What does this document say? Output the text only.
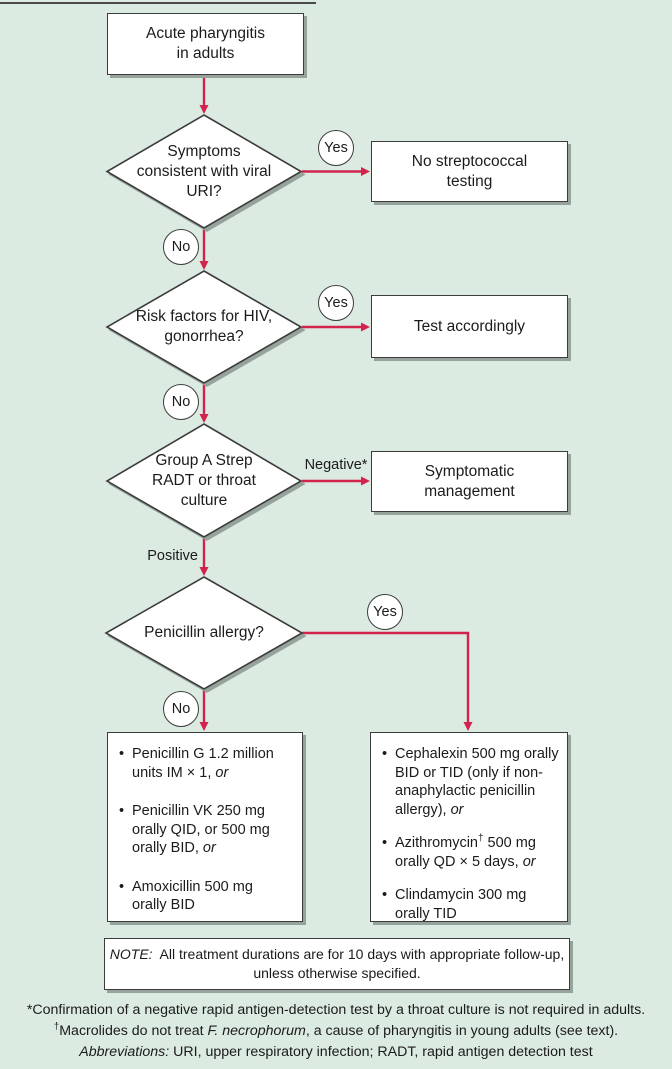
Acute pharyngitis
in adults
No streptococcal
testing
Test accordingly
Symptomatic
management
Symptoms
consistent with viral
URI?
Risk factors for HIV,
gonorrhea?
Group A Strep
RADT or throat
culture
Penicillin allergy?
Yes
No
Yes
No
Yes
No
Negative*
Positive
• Penicillin G 1.2 million
units IM × 1, or
• Penicillin VK 250 mg
orally QID, or 500 mg
orally BID, or
• Amoxicillin 500 mg
orally BID
• Cephalexin 500 mg orally
BID or TID (only if non-
anaphylactic penicillin
allergy), or
• Azithromycin† 500 mg
orally QD × 5 days, or
• Clindamycin 300 mg
orally TID
NOTE:  All treatment durations are for 10 days with appropriate follow-up,
unless otherwise specified.
*Confirmation of a negative rapid antigen-detection test by a throat culture is not required in adults.
†Macrolides do not treat F. necrophorum, a cause of pharyngitis in young adults (see text).
Abbreviations: URI, upper respiratory infection; RADT, rapid antigen detection test
